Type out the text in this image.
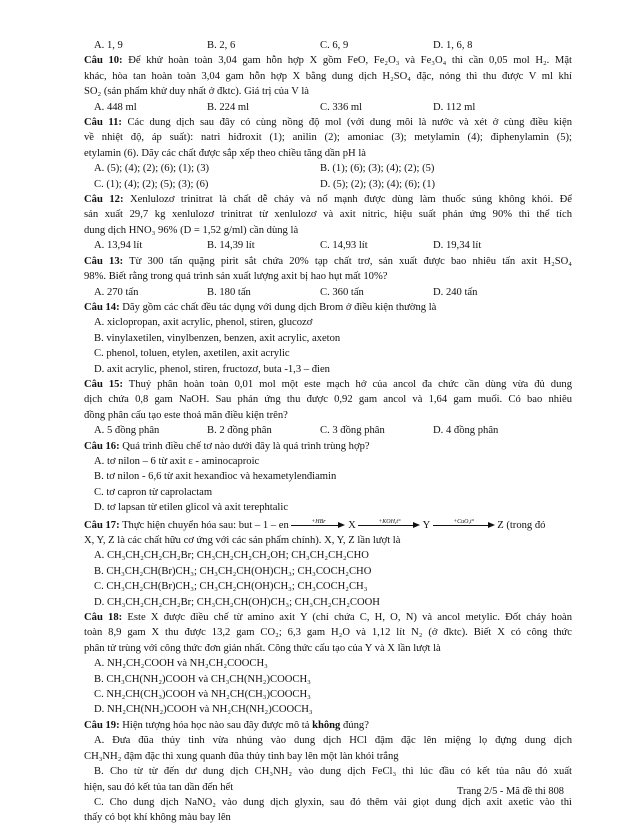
A. 1, 9	B. 2, 6	C. 6, 9	D. 1, 6, 8
Câu 10: Để khử hoàn toàn 3,04 gam hỗn hợp X gồm FeO, Fe₂O₃ và Fe₃O₄ thì cần 0,05 mol H₂. Mặt
khác, hòa tan hoàn toàn 3,04 gam hỗn hợp X bằng dung dịch H₂SO₄ đặc, nóng thì thu được V ml khí
SO₂ (sản phẩm khử duy nhất ở đktc). Giá trị của V là
A. 448 ml	B. 224 ml	C. 336 ml	D. 112 ml
Câu 11: Các dung dịch sau đây có cùng nồng độ mol (với dung môi là nước và xét ở cùng điều kiện
về nhiệt độ, áp suất): natri hiđroxit (1); anilin (2); amoniac (3); metylamin (4); điphenylamin (5);
etylamin (6). Dãy các chất được sắp xếp theo chiều tăng dần pH là
A. (5); (4); (2); (6); (1); (3)	B. (1); (6); (3); (4); (2); (5)
C. (1); (4); (2); (5); (3); (6)	D. (5); (2); (3); (4); (6); (1)
Câu 12: Xenlulozơ trinitrat là chất dễ cháy và nổ mạnh được dùng làm thuốc súng không khói. Để
sản xuất 29,7 kg xenlulozơ trinitrat từ xenlulozơ và axit nitric, hiệu suất phản ứng 90% thì thể tích
dung dịch HNO₃ 96% (D = 1,52 g/ml) cần dùng là
A. 13,94 lít	B. 14,39 lít	C. 14,93 lít	D. 19,34 lít
Câu 13: Từ 300 tấn quặng pirit sắt chứa 20% tạp chất trơ, sản xuất được bao nhiêu tấn axit H₂SO₄
98%. Biết rằng trong quá trình sản xuất lượng axit bị hao hụt mất 10%?
A. 270 tấn	B. 180 tấn	C. 360 tấn	D. 240 tấn
Câu 14: Dãy gồm các chất đều tác dụng với dung dịch Brom ở điều kiện thường là
A. xiclopropan, axit acrylic, phenol, stiren, glucozơ
B. vinylaxetilen, vinylbenzen, benzen, axit acrylic, axeton
C. phenol, toluen, etylen, axetilen, axit acrylic
D. axit acrylic, phenol, stiren, fructozơ, buta -1,3 – đien
Câu 15: Thuỷ phân hoàn toàn 0,01 mol một este mạch hở của ancol đa chức cần dùng vừa đủ dung
dịch chứa 0,8 gam NaOH. Sau phản ứng thu được 0,92 gam ancol và 1,64 gam muối. Có bao nhiêu
đồng phân cấu tạo este thoả mãn điều kiện trên?
A. 5 đồng phân	B. 2 đồng phân	C. 3 đồng phân	D. 4 đồng phân
Câu 16: Quá trình điều chế tơ nào dưới đây là quá trình trùng hợp?
A. tơ nilon – 6 từ axit ε - aminocaproic
B. tơ nilon - 6,6 từ axit hexanđioc và hexametylenđiamin
C. tơ capron từ caprolactam
D. tơ lapsan từ etilen glicol và axit terephtalic
Câu 17: Thực hiện chuyển hóa sau: but – 1 – en	+HBr	X	+KOH,t°	Y	+CuO,t°	Z (trong đó
X, Y, Z là các chất hữu cơ ứng với các sản phẩm chính). X, Y, Z lần lượt là
A. CH₃CH₂CH₂CH₂Br; CH₃CH₂CH₂CH₂OH; CH₃CH₂CH₂CHO
B. CH₃CH₂CH(Br)CH₃; CH₃CH₂CH(OH)CH₃; CH₃COCH₂CHO
C. CH₃CH₂CH(Br)CH₃; CH₃CH₂CH(OH)CH₃; CH₃COCH₂CH₃
D. CH₃CH₂CH₂CH₂Br; CH₃CH₂CH(OH)CH₃; CH₃CH₂CH₂COOH
Câu 18: Este X được điều chế từ amino axit Y (chỉ chứa C, H, O, N) và ancol metylic. Đốt cháy hoàn
toàn 8,9 gam X thu được 13,2 gam CO₂; 6,3 gam H₂O và 1,12 lít N₂ (ở đktc). Biết X có công thức
phân tử trùng với công thức đơn giản nhất. Công thức cấu tạo của Y và X lần lượt là
A. NH₂CH₂COOH và NH₂CH₂COOCH₃
B. CH₃CH(NH₂)COOH và CH₃CH(NH₂)COOCH₃
C. NH₂CH(CH₃)COOH và NH₂CH(CH₃)COOCH₃
D. NH₂CH(NH₂)COOH và NH₂CH(NH₂)COOCH₃
Câu 19: Hiện tượng hóa học nào sau đây được mô tả không đúng?
A. Đưa đũa thủy tinh vừa nhúng vào dung dịch HCl đậm đặc lên miệng lọ đựng dung dịch
CH₃NH₂ đậm đặc thì xung quanh đũa thủy tinh bay lên một làn khói trắng
B. Cho từ từ đến dư dung dịch CH₃NH₂ vào dung dịch FeCl₃ thì lúc đầu có kết tủa nâu đỏ xuất
hiện, sau đó kết tủa tan dần đến hết
C. Cho dung dịch NaNO₂ vào dung dịch glyxin, sau đó thêm vài giọt dung dịch axit axetic vào thì
thấy có bọt khí không màu bay lên
Trang 2/5 - Mã đề thi 808
